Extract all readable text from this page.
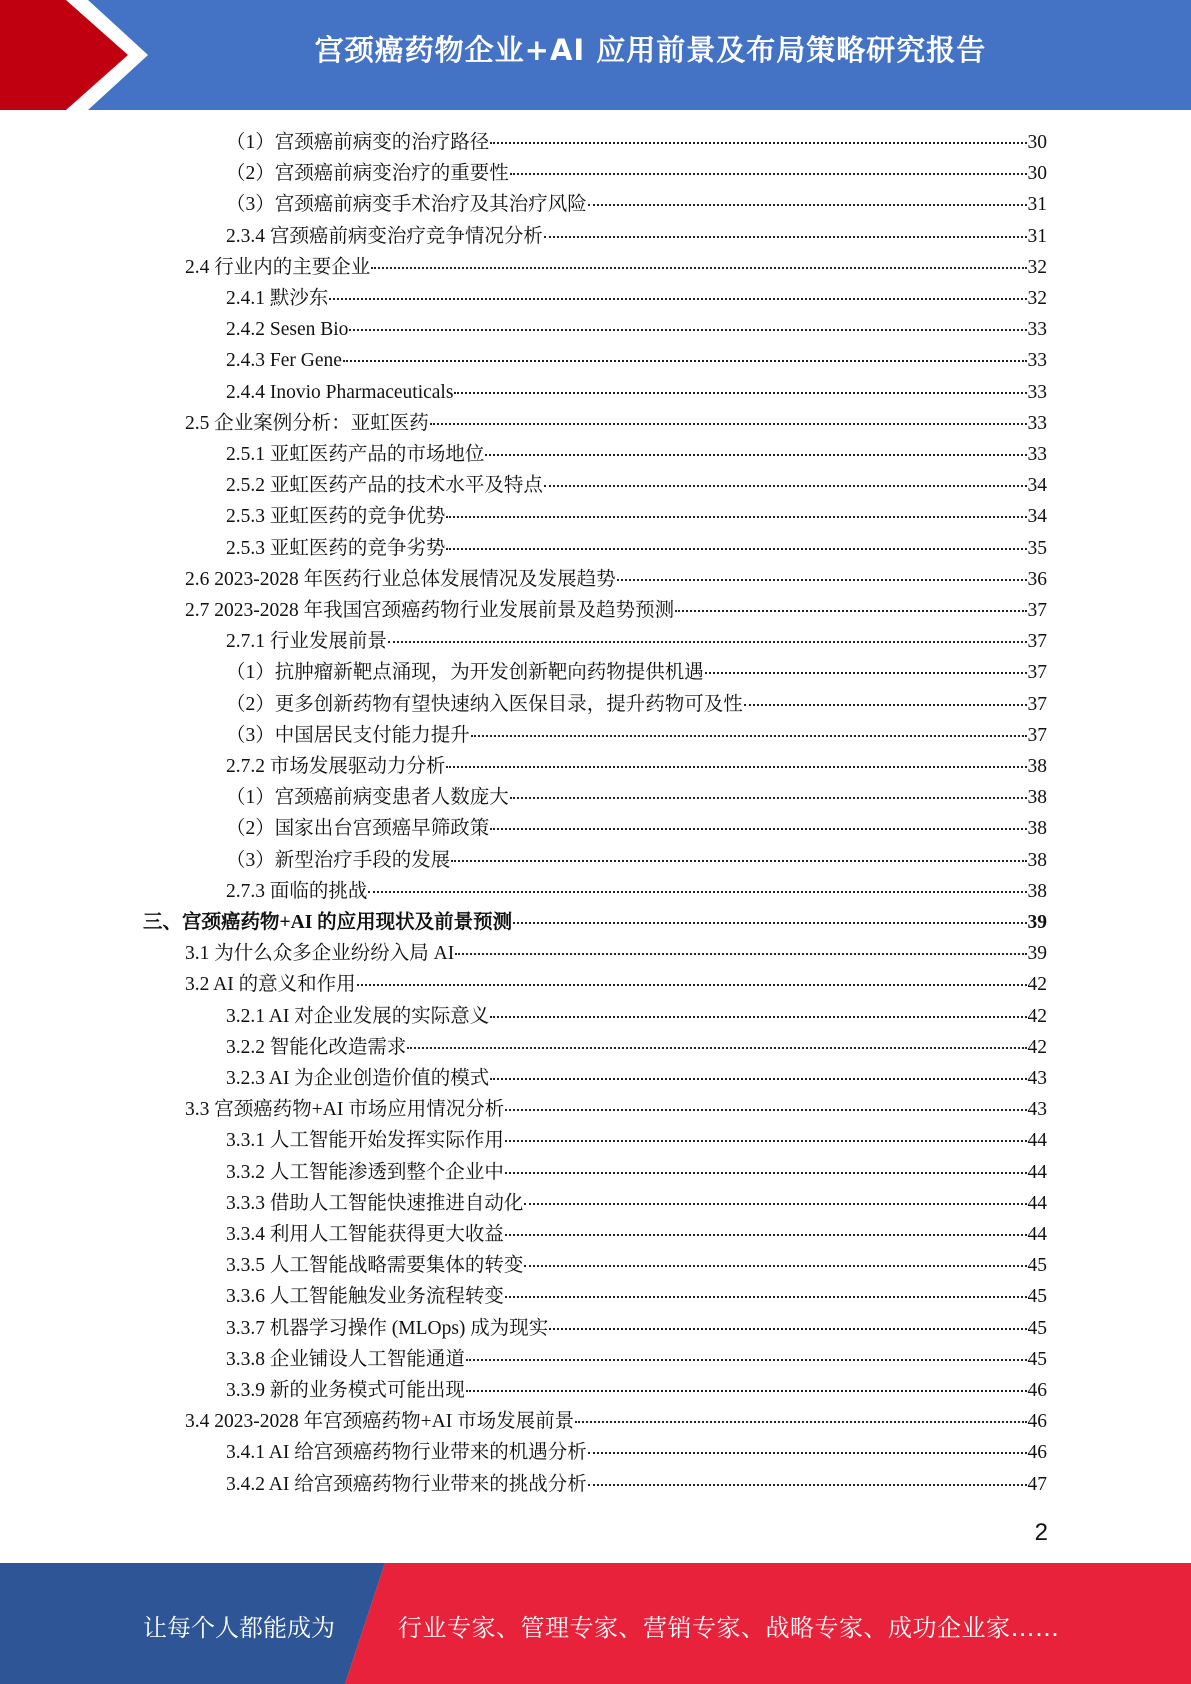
宫颈癌药物企业+AI 应用前景及布局策略研究报告
（1）宫颈癌前病变的治疗路径	30
（2）宫颈癌前病变治疗的重要性	30
（3）宫颈癌前病变手术治疗及其治疗风险	31
2.3.4 宫颈癌前病变治疗竞争情况分析	31
2.4 行业内的主要企业	32
2.4.1 默沙东	32
2.4.2 Sesen Bio	33
2.4.3 Fer Gene	33
2.4.4 Inovio Pharmaceuticals	33
2.5 企业案例分析：亚虹医药	33
2.5.1 亚虹医药产品的市场地位	33
2.5.2 亚虹医药产品的技术水平及特点	34
2.5.3 亚虹医药的竞争优势	34
2.5.3 亚虹医药的竞争劣势	35
2.6 2023-2028 年医药行业总体发展情况及发展趋势	36
2.7 2023-2028 年我国宫颈癌药物行业发展前景及趋势预测	37
2.7.1 行业发展前景	37
（1）抗肿瘤新靶点涌现，为开发创新靶向药物提供机遇	37
（2）更多创新药物有望快速纳入医保目录，提升药物可及性	37
（3）中国居民支付能力提升	37
2.7.2 市场发展驱动力分析	38
（1）宫颈癌前病变患者人数庞大	38
（2）国家出台宫颈癌早筛政策	38
（3）新型治疗手段的发展	38
2.7.3 面临的挑战	38
三、宫颈癌药物+AI 的应用现状及前景预测	39
3.1 为什么众多企业纷纷入局 AI	39
3.2 AI 的意义和作用	42
3.2.1 AI 对企业发展的实际意义	42
3.2.2 智能化改造需求	42
3.2.3 AI 为企业创造价值的模式	43
3.3 宫颈癌药物+AI 市场应用情况分析	43
3.3.1 人工智能开始发挥实际作用	44
3.3.2 人工智能渗透到整个企业中	44
3.3.3 借助人工智能快速推进自动化	44
3.3.4 利用人工智能获得更大收益	44
3.3.5 人工智能战略需要集体的转变	45
3.3.6 人工智能触发业务流程转变	45
3.3.7 机器学习操作 (MLOps) 成为现实	45
3.3.8 企业铺设人工智能通道	45
3.3.9 新的业务模式可能出现	46
3.4 2023-2028 年宫颈癌药物+AI 市场发展前景	46
3.4.1 AI 给宫颈癌药物行业带来的机遇分析	46
3.4.2 AI 给宫颈癌药物行业带来的挑战分析	47
2
让每个人都能成为	行业专家、管理专家、营销专家、战略专家、成功企业家……
